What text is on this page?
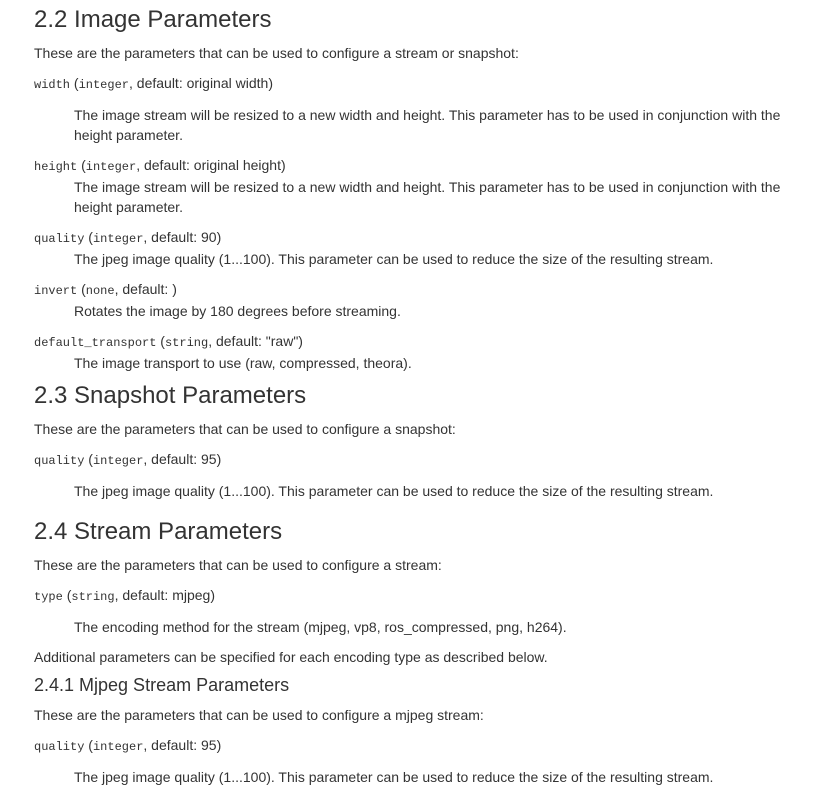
2.2 Image Parameters

These are the parameters that can be used to configure a stream or snapshot:

width (integer, default: original width)

The image stream will be resized to a new width and height. This parameter has to be used in conjunction with the height parameter.

height (integer, default: original height)

The image stream will be resized to a new width and height. This parameter has to be used in conjunction with the height parameter.

quality (integer, default: 90)

The jpeg image quality (1...100). This parameter can be used to reduce the size of the resulting stream.

invert (none, default: )

Rotates the image by 180 degrees before streaming.

default_transport (string, default: "raw")

The image transport to use (raw, compressed, theora).

2.3 Snapshot Parameters

These are the parameters that can be used to configure a snapshot:

quality (integer, default: 95)

The jpeg image quality (1...100). This parameter can be used to reduce the size of the resulting stream.

2.4 Stream Parameters

These are the parameters that can be used to configure a stream:

type (string, default: mjpeg)

The encoding method for the stream (mjpeg, vp8, ros_compressed, png, h264).

Additional parameters can be specified for each encoding type as described below.

2.4.1 Mjpeg Stream Parameters

These are the parameters that can be used to configure a mjpeg stream:

quality (integer, default: 95)

The jpeg image quality (1...100). This parameter can be used to reduce the size of the resulting stream.
